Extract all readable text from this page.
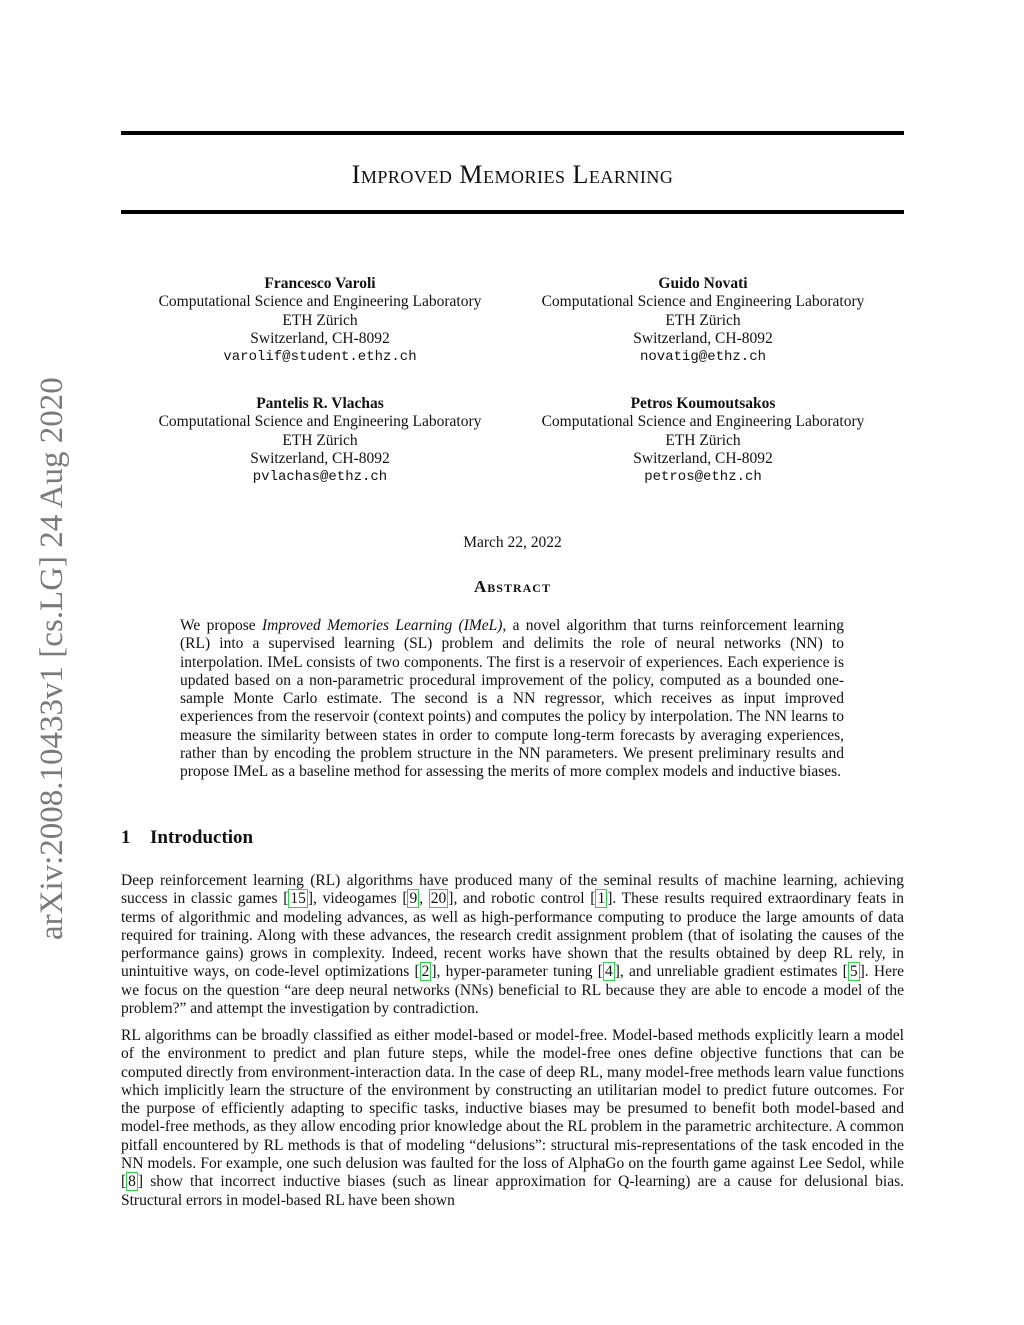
arXiv:2008.10433v1 [cs.LG] 24 Aug 2020
Improved Memories Learning
Francesco Varoli
Computational Science and Engineering Laboratory
ETH Zürich
Switzerland, CH-8092
varolif@student.ethz.ch
Guido Novati
Computational Science and Engineering Laboratory
ETH Zürich
Switzerland, CH-8092
novatig@ethz.ch
Pantelis R. Vlachas
Computational Science and Engineering Laboratory
ETH Zürich
Switzerland, CH-8092
pvlachas@ethz.ch
Petros Koumoutsakos
Computational Science and Engineering Laboratory
ETH Zürich
Switzerland, CH-8092
petros@ethz.ch
March 22, 2022
Abstract
We propose Improved Memories Learning (IMeL), a novel algorithm that turns reinforcement learning (RL) into a supervised learning (SL) problem and delimits the role of neural networks (NN) to interpolation. IMeL consists of two components. The first is a reservoir of experiences. Each experience is updated based on a non-parametric procedural improvement of the policy, computed as a bounded one-sample Monte Carlo estimate. The second is a NN regressor, which receives as input improved experiences from the reservoir (context points) and computes the policy by interpolation. The NN learns to measure the similarity between states in order to compute long-term forecasts by averaging experiences, rather than by encoding the problem structure in the NN parameters. We present preliminary results and propose IMeL as a baseline method for assessing the merits of more complex models and inductive biases.
1 Introduction
Deep reinforcement learning (RL) algorithms have produced many of the seminal results of machine learning, achieving success in classic games [ 15 ], videogames [ 9 , 20 ], and robotic control [ 1 ]. These results required extraordinary feats in terms of algorithmic and modeling advances, as well as high-performance computing to produce the large amounts of data required for training. Along with these advances, the research credit assignment problem (that of isolating the causes of the performance gains) grows in complexity. Indeed, recent works have shown that the results obtained by deep RL rely, in unintuitive ways, on code-level optimizations [ 2 ], hyper-parameter tuning [ 4 ], and unreliable gradient estimates [ 5 ]. Here we focus on the question “are deep neural networks (NNs) beneficial to RL because they are able to encode a model of the problem?” and attempt the investigation by contradiction.
RL algorithms can be broadly classified as either model-based or model-free. Model-based methods explicitly learn a model of the environment to predict and plan future steps, while the model-free ones define objective functions that can be computed directly from environment-interaction data. In the case of deep RL, many model-free methods learn value functions which implicitly learn the structure of the environment by constructing an utilitarian model to predict future outcomes. For the purpose of efficiently adapting to specific tasks, inductive biases may be presumed to benefit both model-based and model-free methods, as they allow encoding prior knowledge about the RL problem in the parametric architecture. A common pitfall encountered by RL methods is that of modeling “delusions”: structural mis-representations of the task encoded in the NN models. For example, one such delusion was faulted for the loss of AlphaGo on the fourth game against Lee Sedol, while [ 8 ] show that incorrect inductive biases (such as linear approximation for Q-learning) are a cause for delusional bias. Structural errors in model-based RL have been shown
